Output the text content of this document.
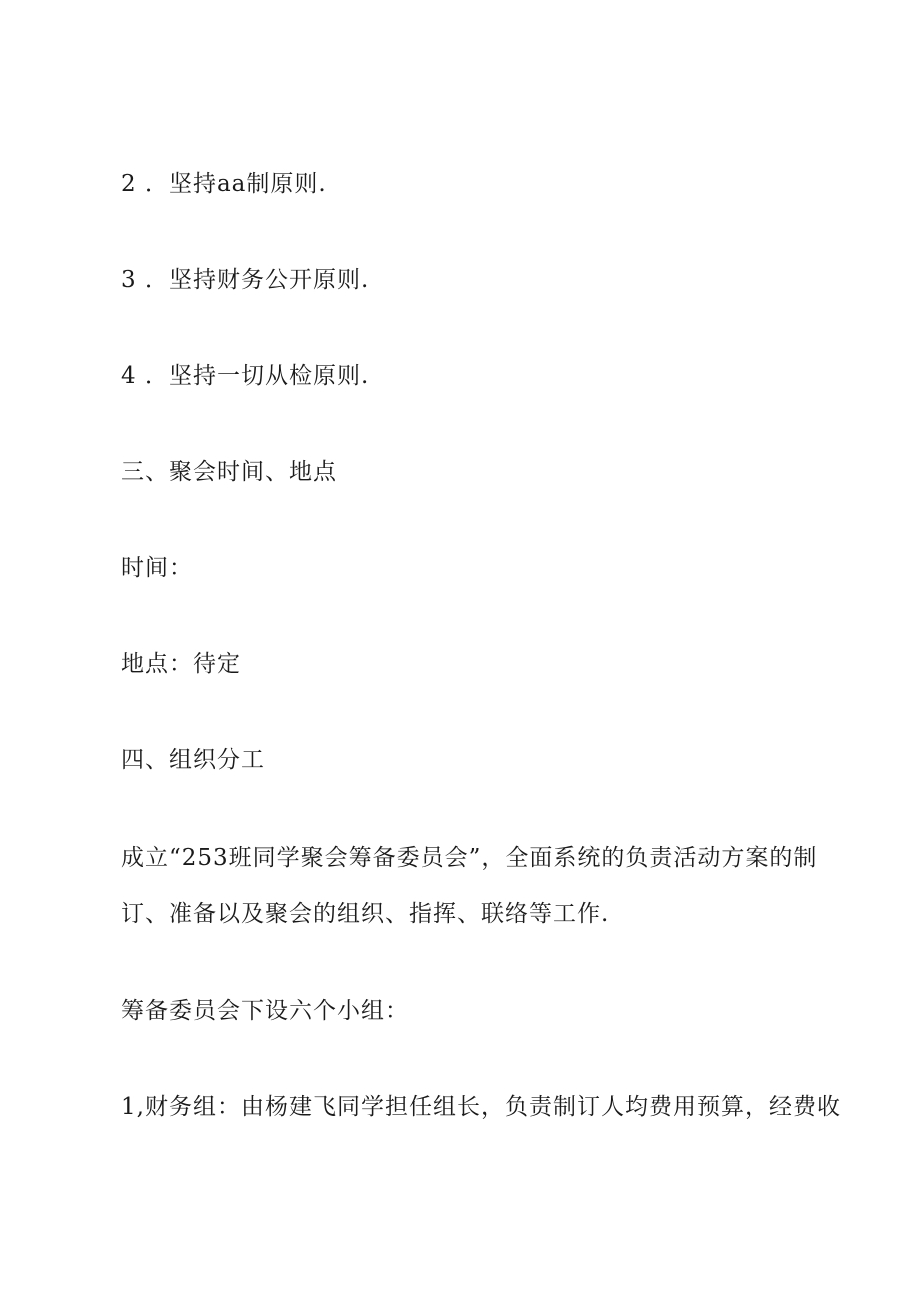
2 ．坚持aa制原则.
3 ．坚持财务公开原则.
4 ．坚持一切从检原则.
三、聚会时间、地点
时间：
地点：待定
四、组织分工
成立“253班同学聚会筹备委员会”，全面系统的负责活动方案的制
订、准备以及聚会的组织、指挥、联络等工作.
筹备委员会下设六个小组：
1,财务组：由杨建飞同学担任组长，负责制订人均费用预算，经费收
